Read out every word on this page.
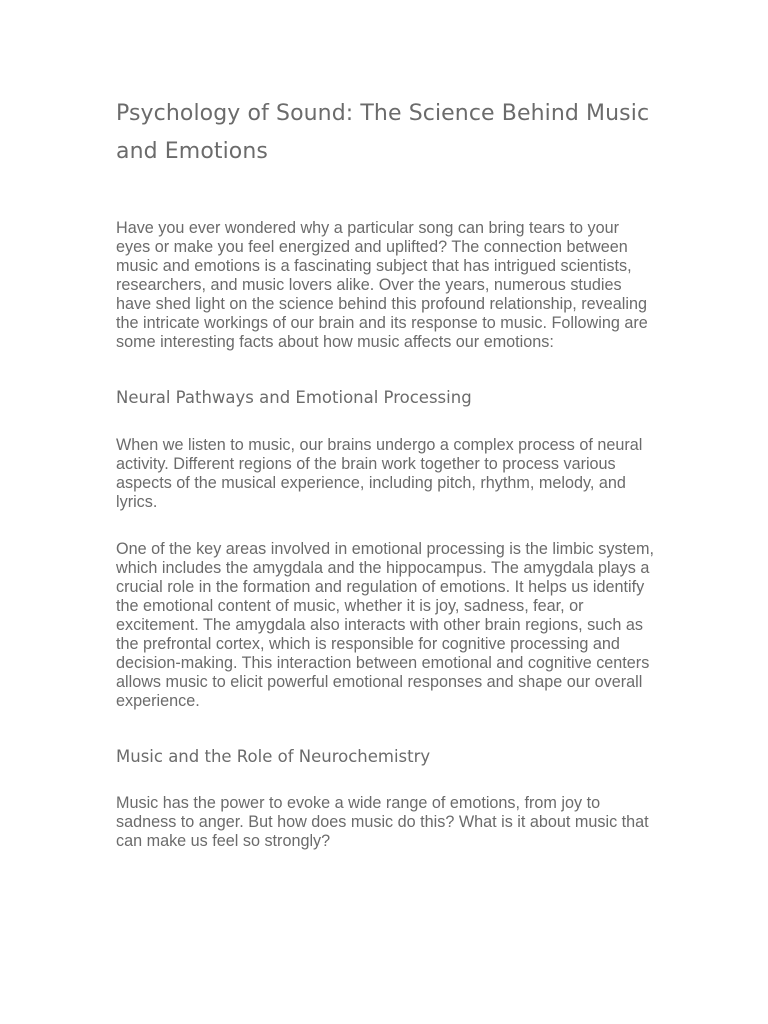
Psychology of Sound: The Science Behind Music and Emotions

Have you ever wondered why a particular song can bring tears to your eyes or make you feel energized and uplifted? The connection between music and emotions is a fascinating subject that has intrigued scientists, researchers, and music lovers alike. Over the years, numerous studies have shed light on the science behind this profound relationship, revealing the intricate workings of our brain and its response to music. Following are some interesting facts about how music affects our emotions:

Neural Pathways and Emotional Processing

When we listen to music, our brains undergo a complex process of neural activity. Different regions of the brain work together to process various aspects of the musical experience, including pitch, rhythm, melody, and lyrics.

One of the key areas involved in emotional processing is the limbic system, which includes the amygdala and the hippocampus. The amygdala plays a crucial role in the formation and regulation of emotions. It helps us identify the emotional content of music, whether it is joy, sadness, fear, or excitement. The amygdala also interacts with other brain regions, such as the prefrontal cortex, which is responsible for cognitive processing and decision-making. This interaction between emotional and cognitive centers allows music to elicit powerful emotional responses and shape our overall experience.

Music and the Role of Neurochemistry

Music has the power to evoke a wide range of emotions, from joy to sadness to anger. But how does music do this? What is it about music that can make us feel so strongly?
